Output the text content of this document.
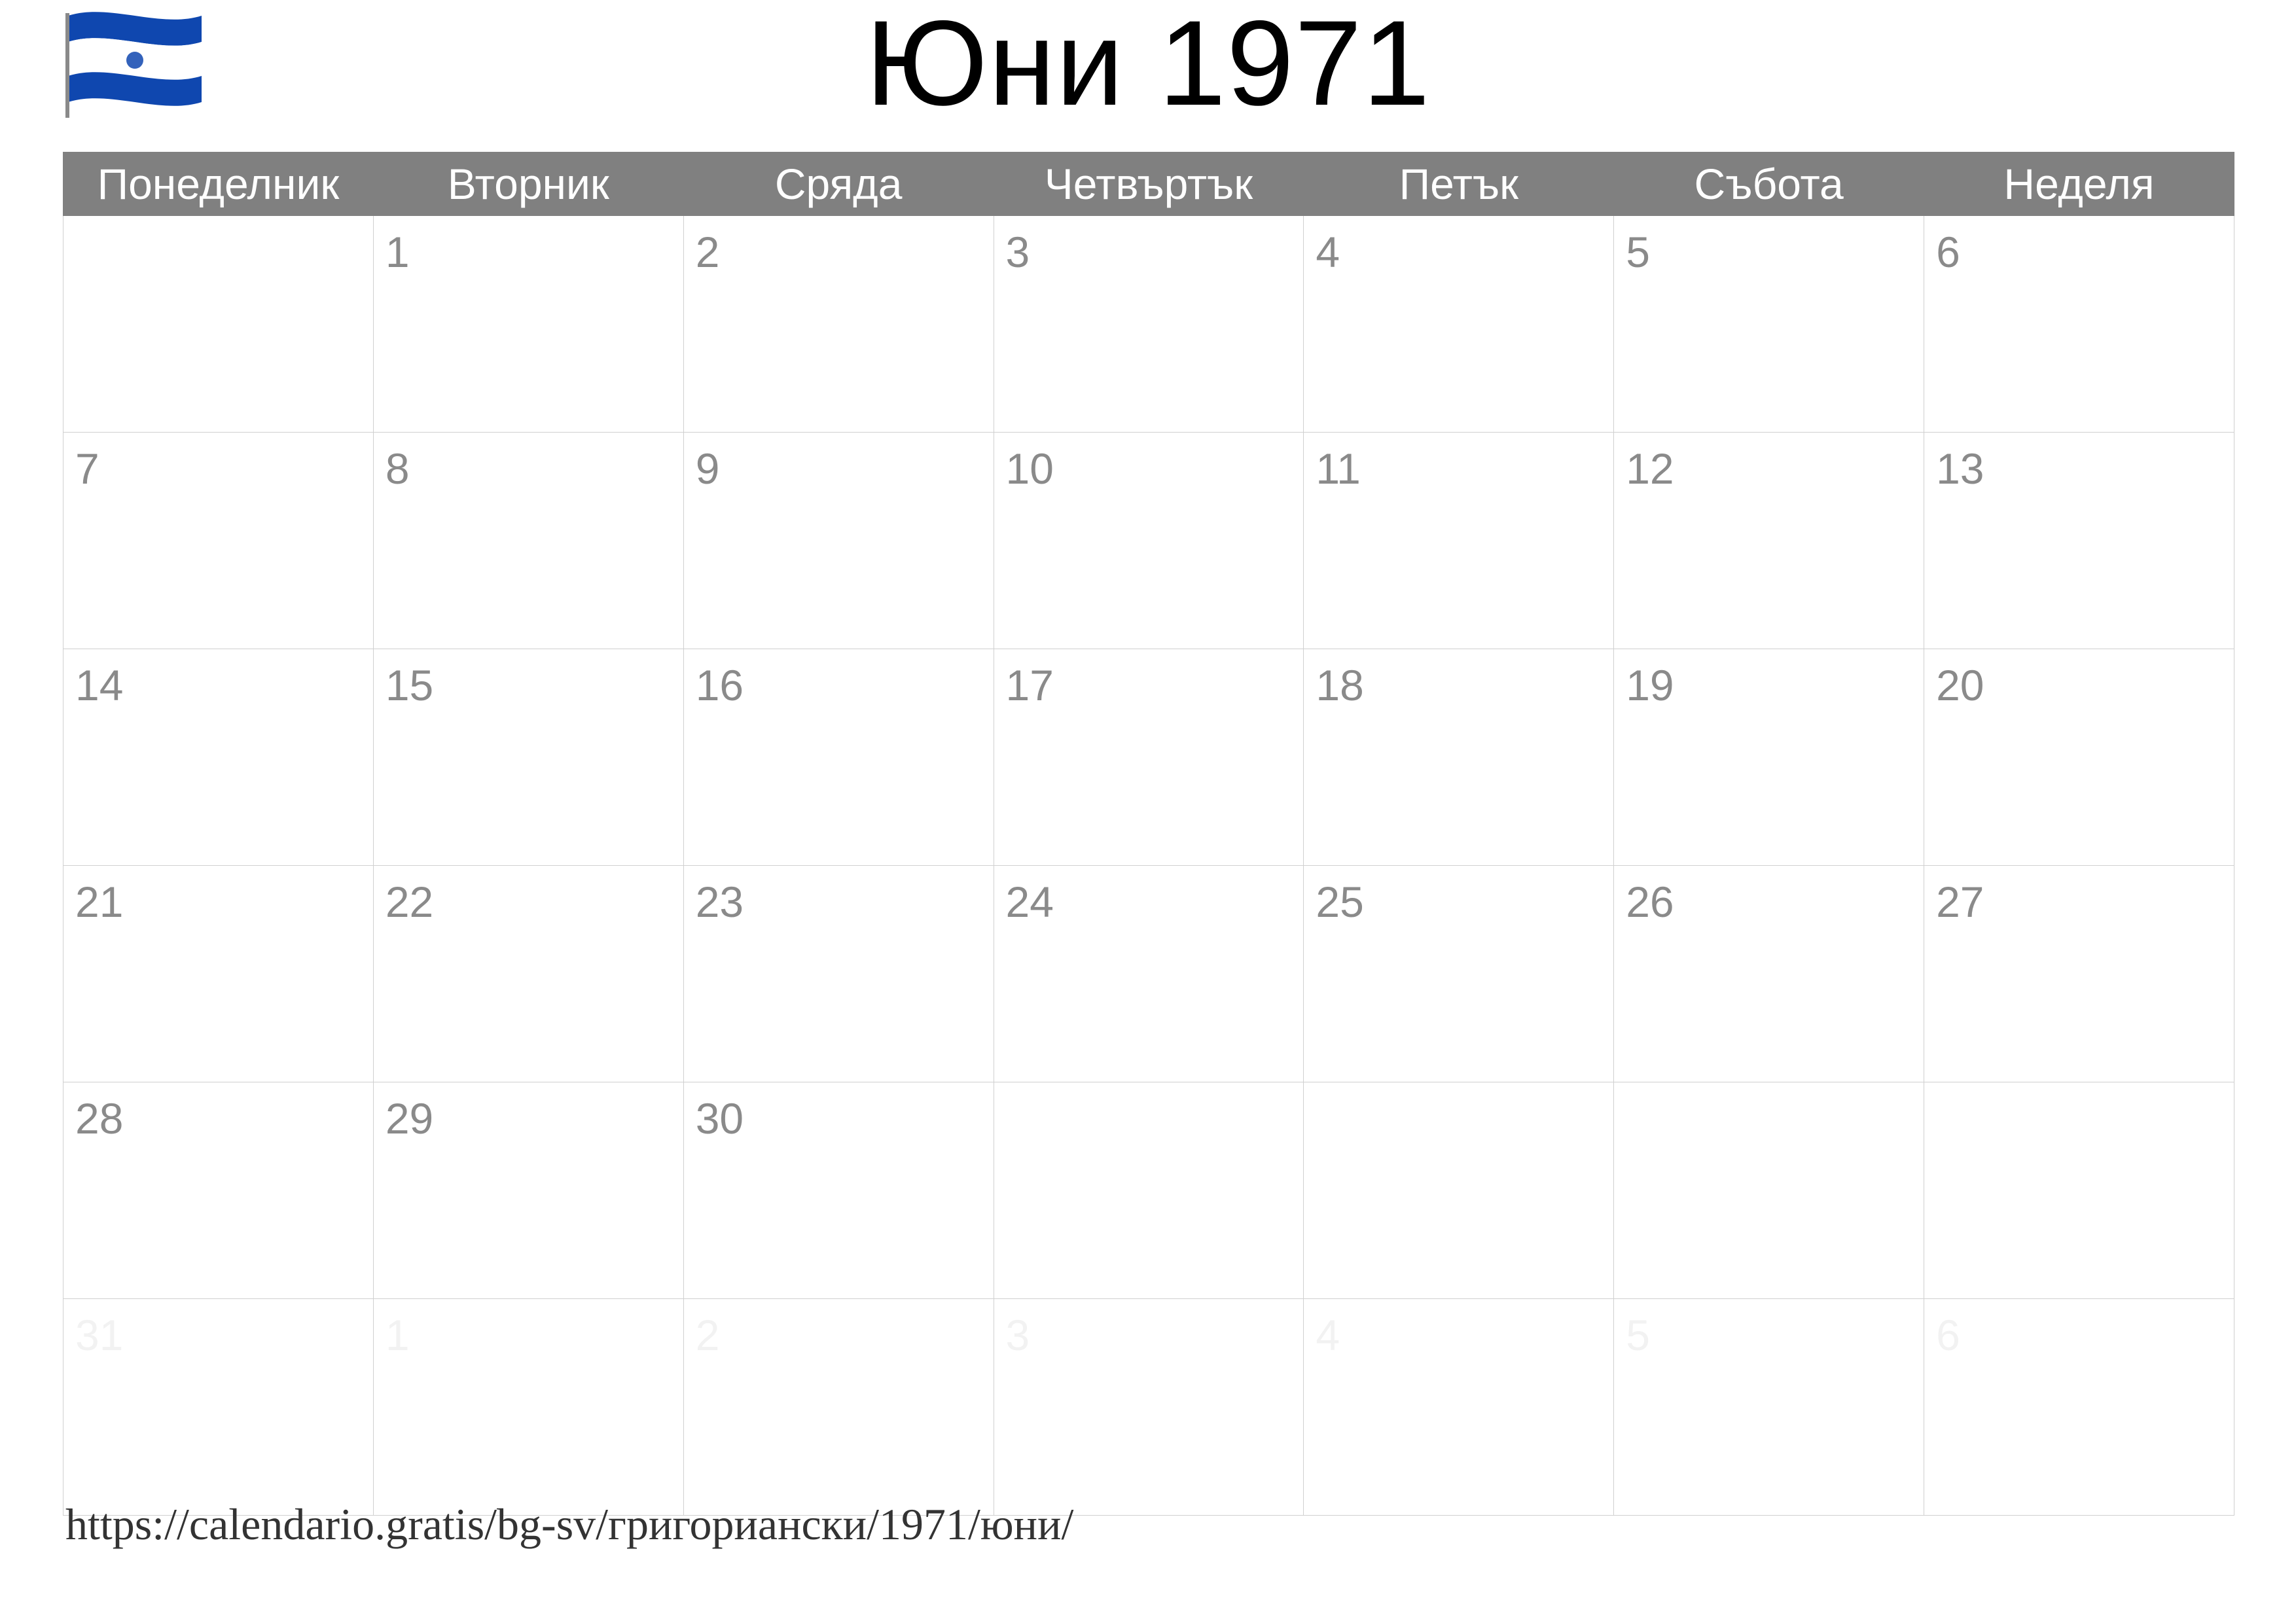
Юни 1971
Понеделник	Вторник	Сряда	Четвъртък	Петък	Събота	Неделя

	1	2	3	4	5	6

7	8	9	10	11	12	13

14	15	16	17	18	19	20

21	22	23	24	25	26	27

28	29	30				

31	1	2	3	4	5	6
https://calendario.gratis/bg-sv/григориански/1971/юни/
